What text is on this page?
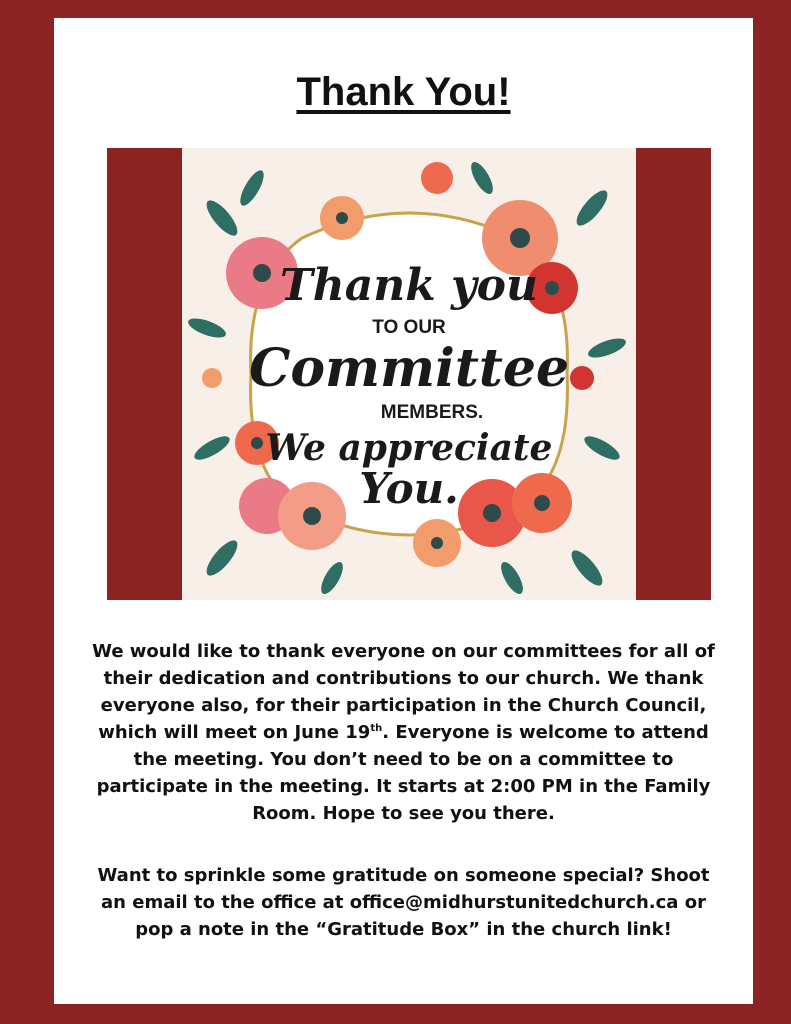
Thank You!
Thank you
TO OUR
Committee
MEMBERS.
We appreciate
You.

We would like to thank everyone on our committees for all of their dedication and contributions to our church. We thank everyone also, for their participation in the Church Council, which will meet on June 19th. Everyone is welcome to attend the meeting. You don’t need to be on a committee to participate in the meeting. It starts at 2:00 PM in the Family Room. Hope to see you there.

Want to sprinkle some gratitude on someone special? Shoot an email to the office at office@midhurstunitedchurch.ca or pop a note in the “Gratitude Box” in the church link!
